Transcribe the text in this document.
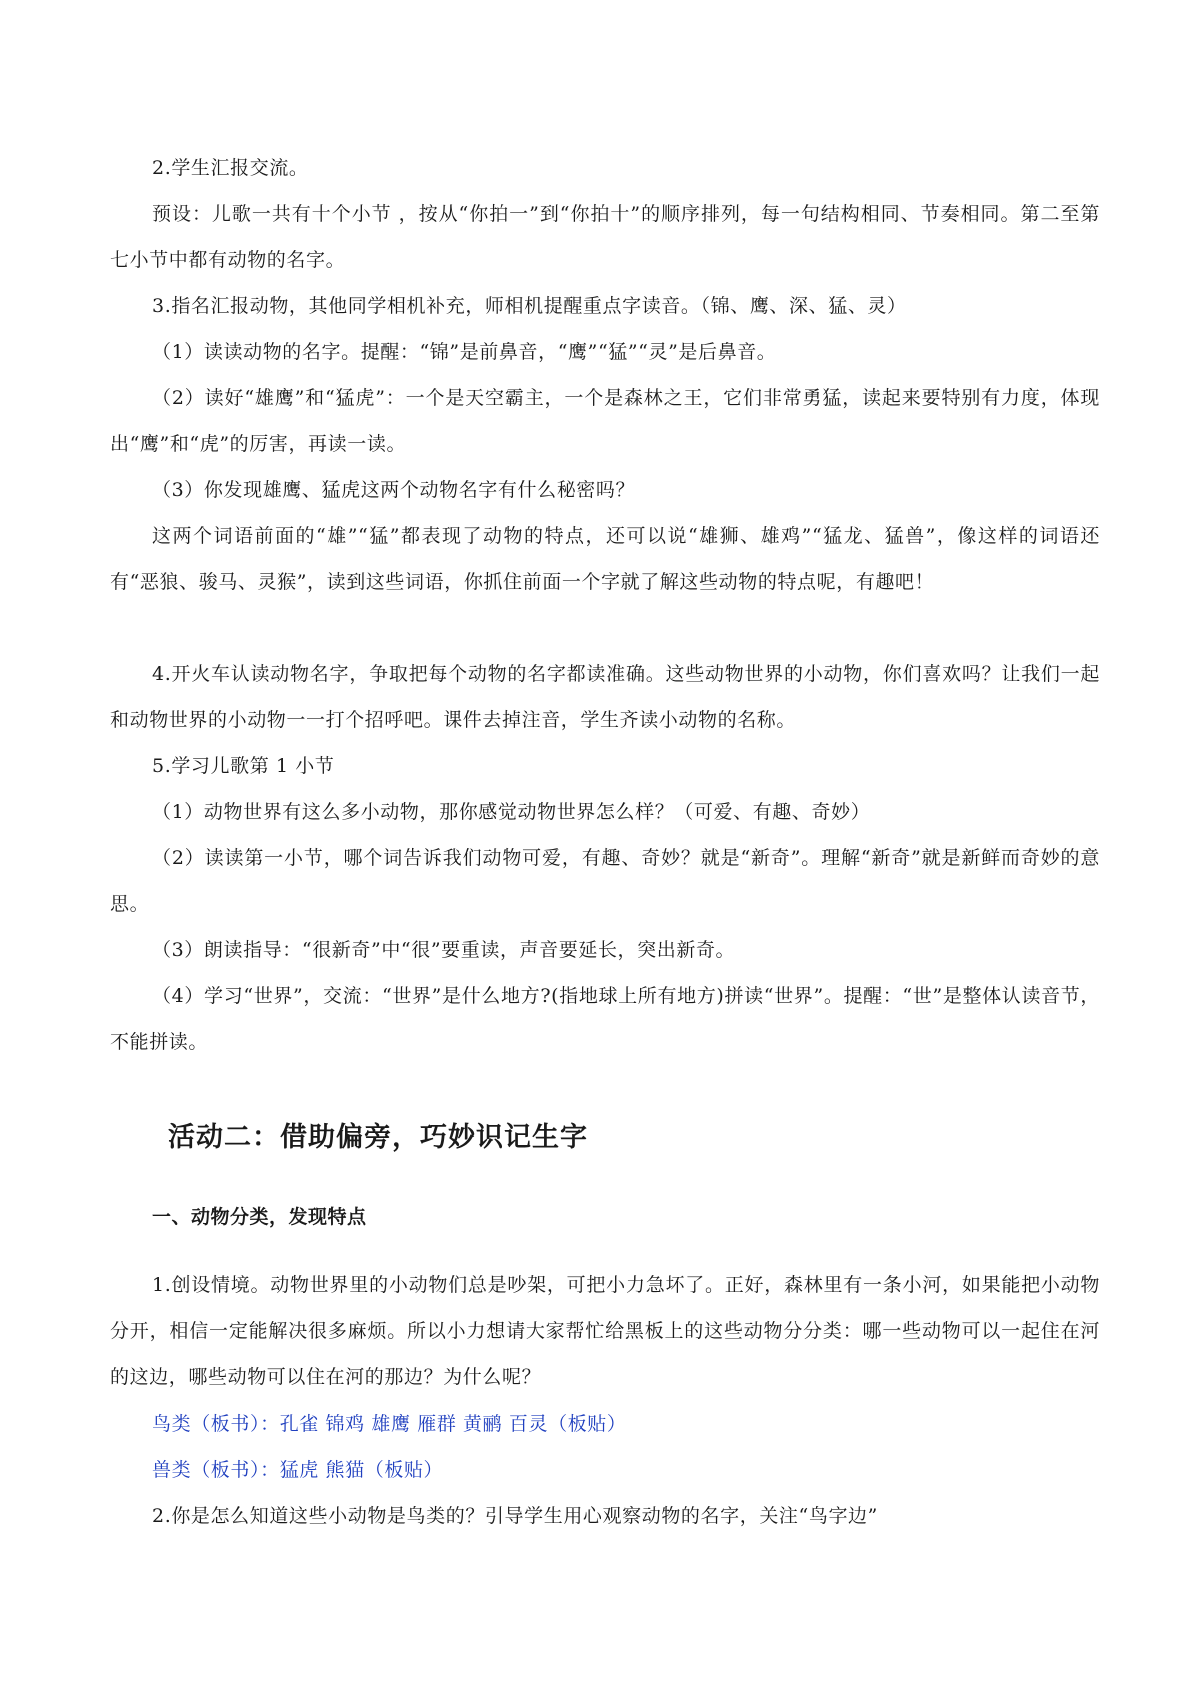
2.学生汇报交流。

预设：儿歌一共有十个小节 ，按从“你拍一”到“你拍十”的顺序排列，每一句结构相同、节奏相同。第二至第七小节中都有动物的名字。

3.指名汇报动物，其他同学相机补充，师相机提醒重点字读音。（锦、鹰、深、猛、灵）

（1）读读动物的名字。提醒：“锦”是前鼻音，“鹰”“猛”“灵”是后鼻音。

（2）读好“雄鹰”和“猛虎”：一个是天空霸主，一个是森林之王，它们非常勇猛，读起来要特别有力度，体现出“鹰”和“虎”的厉害，再读一读。

（3）你发现雄鹰、猛虎这两个动物名字有什么秘密吗？

这两个词语前面的“雄”“猛”都表现了动物的特点，还可以说“雄狮、雄鸡”“猛龙、猛兽”，像这样的词语还有“恶狼、骏马、灵猴”，读到这些词语，你抓住前面一个字就了解这些动物的特点呢，有趣吧！

4.开火车认读动物名字，争取把每个动物的名字都读准确。这些动物世界的小动物，你们喜欢吗？让我们一起和动物世界的小动物一一打个招呼吧。课件去掉注音，学生齐读小动物的名称。

5.学习儿歌第 1 小节

（1）动物世界有这么多小动物，那你感觉动物世界怎么样？（可爱、有趣、奇妙）

（2）读读第一小节，哪个词告诉我们动物可爱，有趣、奇妙？就是“新奇”。理解“新奇”就是新鲜而奇妙的意思。

（3）朗读指导：“很新奇”中“很”要重读，声音要延长，突出新奇。

（4）学习“世界”，交流：“世界”是什么地方?(指地球上所有地方)拼读“世界”。提醒：“世”是整体认读音节，不能拼读。

活动二：借助偏旁，巧妙识记生字
一、动物分类，发现特点

1.创设情境。动物世界里的小动物们总是吵架，可把小力急坏了。正好，森林里有一条小河，如果能把小动物分开，相信一定能解决很多麻烦。所以小力想请大家帮忙给黑板上的这些动物分分类：哪一些动物可以一起住在河的这边，哪些动物可以住在河的那边？为什么呢？

鸟类（板书）：孔雀 锦鸡 雄鹰 雁群 黄鹂 百灵（板贴）

兽类（板书）：猛虎 熊猫（板贴）

2.你是怎么知道这些小动物是鸟类的？引导学生用心观察动物的名字，关注“鸟字边”
